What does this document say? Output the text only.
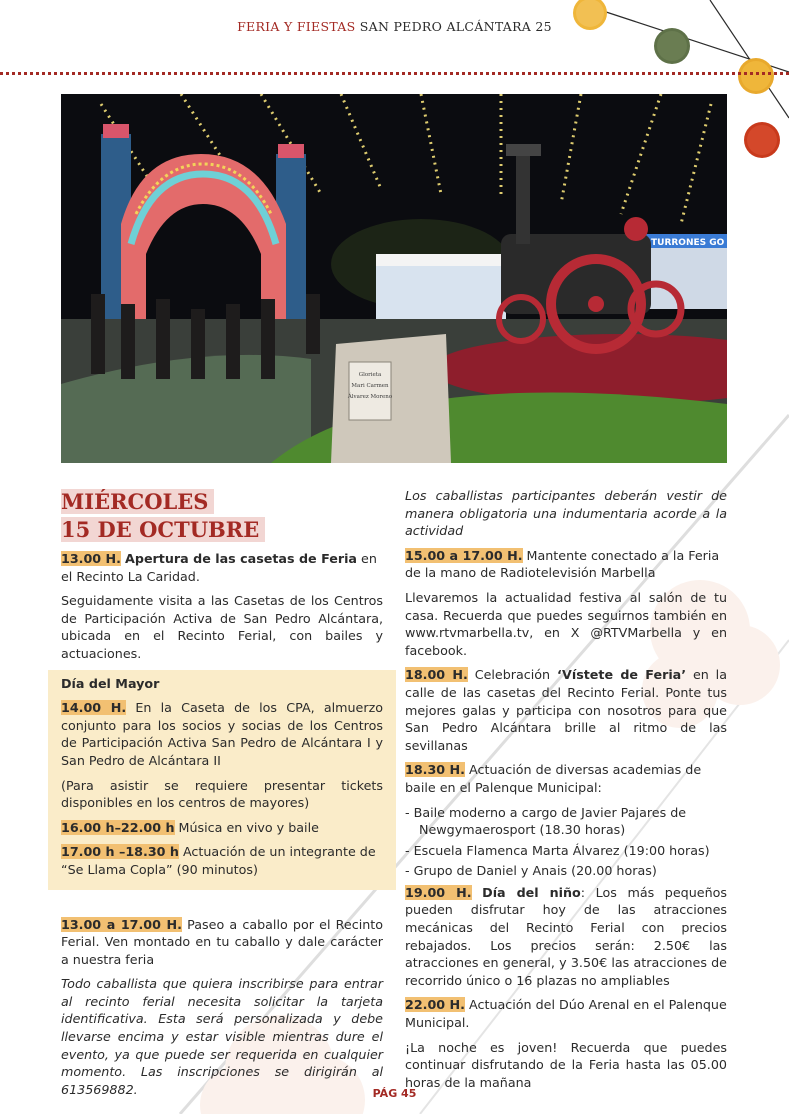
FERIA Y FIESTAS SAN PEDRO ALCÁNTARA 25
TURRONES GO
Glorieta
Mari Carmen
Álvarez Moreno
MIÉRCOLES
15 DE OCTUBRE

13.00 H. Apertura de las casetas de Feria en el Recinto La Caridad.

Seguidamente visita a las Casetas de los Centros de Participación Activa de San Pedro Alcántara, ubicada en el Recinto Ferial, con bailes y actuaciones.

Día del Mayor

14.00 H. En la Caseta de los CPA, almuerzo conjunto para los socios y socias de los Centros de Participación Activa San Pedro de Alcántara I y San Pedro de Alcántara II

(Para asistir se requiere presentar tickets disponibles en los centros de mayores)

16.00 h–22.00 h Música en vivo y baile

17.00 h –18.30 h Actuación de un integrante de “Se Llama Copla” (90 minutos)

13.00 a 17.00 H. Paseo a caballo por el Recinto Ferial. Ven montado en tu caballo y dale carácter a nuestra feria

Todo caballista que quiera inscribirse para entrar al recinto ferial necesita solicitar la tarjeta identificativa. Esta será personalizada y debe llevarse encima y estar visible mientras dure el evento, ya que puede ser requerida en cualquier momento. Las inscripciones se dirigirán al 613569882.

Los caballistas participantes deberán vestir de manera obligatoria una indumentaria acorde a la actividad

15.00 a 17.00 H. Mantente conectado a la Feria de la mano de Radiotelevisión Marbella

Llevaremos la actualidad festiva al salón de tu casa. Recuerda que puedes seguirnos también en www.rtvmarbella.tv, en X @RTVMarbella y en facebook.

18.00 H. Celebración ‘Vístete de Feria’ en la calle de las casetas del Recinto Ferial. Ponte tus mejores galas y participa con nosotros para que San Pedro Alcántara brille al ritmo de las sevillanas

18.30 H. Actuación de diversas academias de baile en el Palenque Municipal:

- Baile moderno a cargo de Javier Pajares de Newgymaerosport (18.30 horas)
- Escuela Flamenca Marta Álvarez (19:00 horas)
- Grupo de Daniel y Anais (20.00 horas)

19.00 H. Día del niño: Los más pequeños pueden disfrutar hoy de las atracciones mecánicas del Recinto Ferial con precios rebajados. Los precios serán: 2.50€ las atracciones en general, y 3.50€ las atracciones de recorrido único o 16 plazas no ampliables

22.00 H. Actuación del Dúo Arenal en el Palenque Municipal.

¡La noche es joven! Recuerda que puedes continuar disfrutando de la Feria hasta las 05.00 horas de la mañana

PÁG 45
